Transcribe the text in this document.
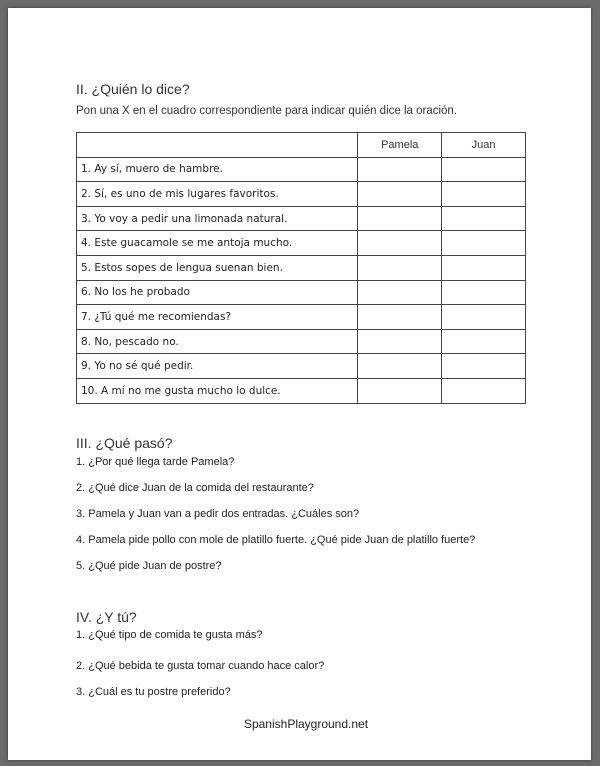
II. ¿Quién lo dice?

Pon una X en el cuadro correspondiente para indicar quién dice la oración.
	Pamela	Juan
1. Ay sí, muero de hambre.		
2. Sí, es uno de mis lugares favoritos.		
3. Yo voy a pedir una limonada natural.		
4. Este guacamole se me antoja mucho.		
5. Estos sopes de lengua suenan bien.		
6. No los he probado		
7. ¿Tú qué me recomiendas?		
8. No, pescado no.		
9. Yo no sé qué pedir.		
10. A mí no me gusta mucho lo dulce.		

III. ¿Qué pasó?

1. ¿Por qué llega tarde Pamela?
2. ¿Qué dice Juan de la comida del restaurante?
3. Pamela y Juan van a pedir dos entradas. ¿Cuáles son?
4. Pamela pide pollo con mole de platillo fuerte. ¿Qué pide Juan de platillo fuerte?
5. ¿Qué pide Juan de postre?

IV. ¿Y tú?

1. ¿Qué tipo de comida te gusta más?
2. ¿Qué bebida te gusta tomar cuando hace calor?
3. ¿Cuál es tu postre preferido?
SpanishPlayground.net
